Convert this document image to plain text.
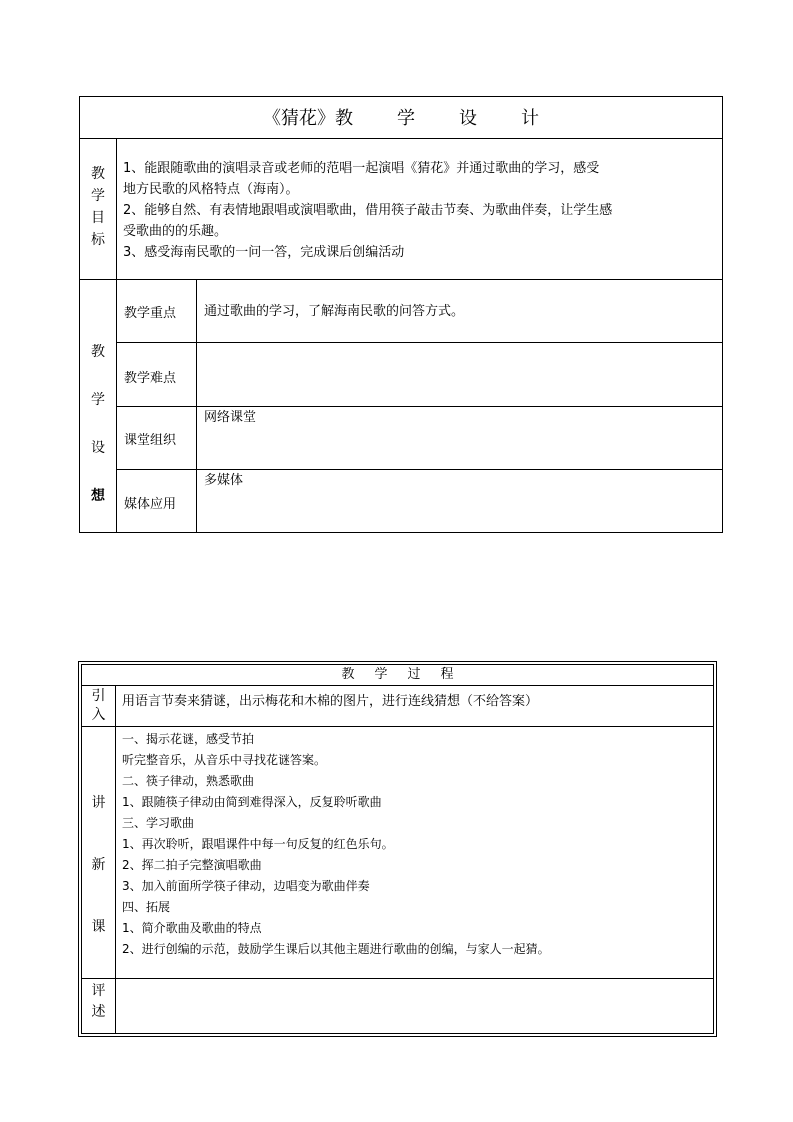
《猜花》教 学 设 计
教
学
目
标
1、能跟随歌曲的演唱录音或老师的范唱一起演唱《猜花》并通过歌曲的学习，感受
地方民歌的风格特点（海南）。
2、能够自然、有表情地跟唱或演唱歌曲，借用筷子敲击节奏、为歌曲伴奏，让学生感
受歌曲的的乐趣。
3、感受海南民歌的一问一答，完成课后创编活动
教
学
设
想
教学重点 通过歌曲的学习，了解海南民歌的问答方式。
教学难点
课堂组织
网络课堂
媒体应用
多媒体
教 学 过 程
引
入
用语言节奏来猜谜，出示梅花和木棉的图片，进行连线猜想（不给答案）
讲
新
课
一、揭示花谜，感受节拍
听完整音乐，从音乐中寻找花谜答案。
二、筷子律动，熟悉歌曲
1、跟随筷子律动由简到难得深入，反复聆听歌曲
三、学习歌曲
1、再次聆听，跟唱课件中每一句反复的红色乐句。
2、挥二拍子完整演唱歌曲
3、加入前面所学筷子律动，边唱变为歌曲伴奏
四、拓展
1、简介歌曲及歌曲的特点
2、进行创编的示范，鼓励学生课后以其他主题进行歌曲的创编，与家人一起猜。
评
述
